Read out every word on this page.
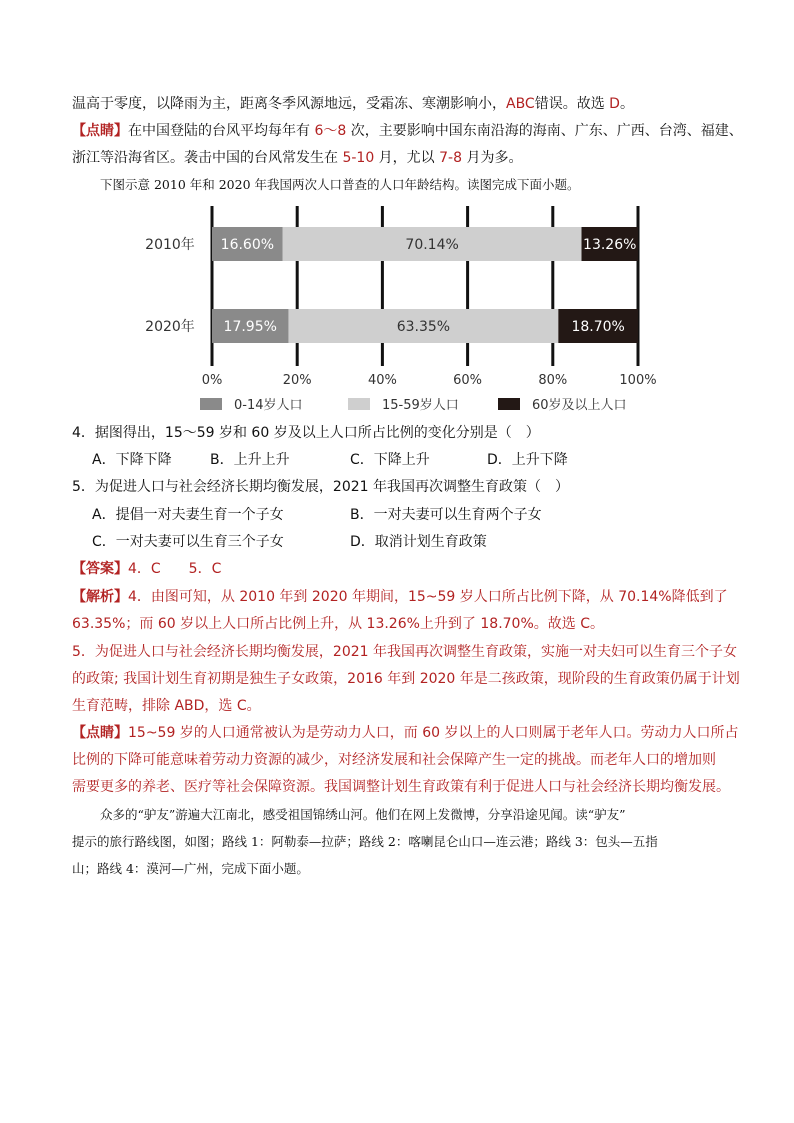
温高于零度，以降雨为主，距离冬季风源地远，受霜冻、寒潮影响小，ABC错误。故选 D。
【点睛】在中国登陆的台风平均每年有 6～8 次，主要影响中国东南沿海的海南、广东、广西、台湾、福建、
浙江等沿海省区。袭击中国的台风常发生在 5-10 月，尤以 7-8 月为多。
下图示意 2010 年和 2020 年我国两次人口普查的人口年龄结构。读图完成下面小题。
2010年 16.60%	70.14%	13.26%
2020年 17.95%	63.35%	18.70%
0%	20%	40%	60%	80%	100%
0-14岁人口	15-59岁人口	60岁及以上人口
4．据图得出，15～59 岁和 60 岁及以上人口所占比例的变化分别是（　）
A．下降下降	B．上升上升	C．下降上升	D．上升下降
5．为促进人口与社会经济长期均衡发展，2021 年我国再次调整生育政策（　）
A．提倡一对夫妻生育一个子女	B．一对夫妻可以生育两个子女
C．一对夫妻可以生育三个子女	D．取消计划生育政策
【答案】4．C　　5．C
【解析】4．由图可知，从 2010 年到 2020 年期间，15~59 岁人口所占比例下降，从 70.14%降低到了
63.35%；而 60 岁以上人口所占比例上升，从 13.26%上升到了 18.70%。故选 C。
5．为促进人口与社会经济长期均衡发展，2021 年我国再次调整生育政策，实施一对夫妇可以生育三个子女
的政策; 我国计划生育初期是独生子女政策，2016 年到 2020 年是二孩政策，现阶段的生育政策仍属于计划
生育范畴，排除 ABD，选 C。
【点睛】15~59 岁的人口通常被认为是劳动力人口，而 60 岁以上的人口则属于老年人口。劳动力人口所占
比例的下降可能意味着劳动力资源的减少，对经济发展和社会保障产生一定的挑战。而老年人口的增加则
需要更多的养老、医疗等社会保障资源。我国调整计划生育政策有利于促进人口与社会经济长期均衡发展。
众多的“驴友”游遍大江南北，感受祖国锦绣山河。他们在网上发微博，分享沿途见闻。读“驴友”
提示的旅行路线图，如图；路线 1：阿勒泰—拉萨；路线 2：喀喇昆仑山口—连云港；路线 3：包头—五指
山；路线 4：漠河—广州，完成下面小题。
